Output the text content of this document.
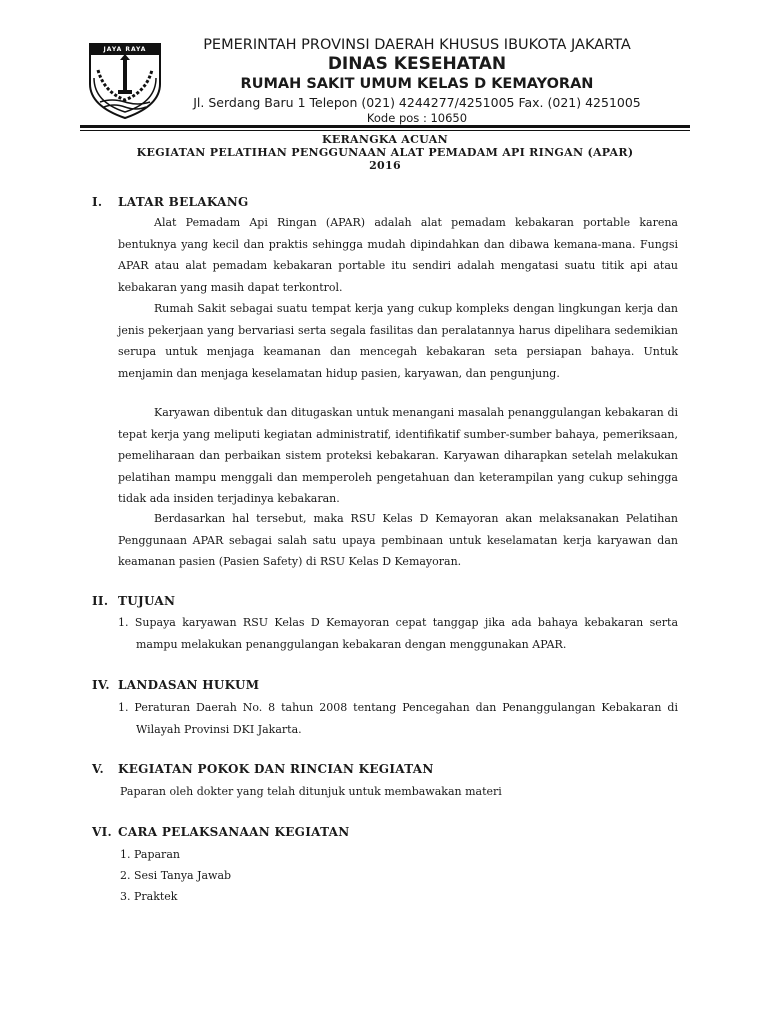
JAYA RAYA	PEMERINTAH PROVINSI DAERAH KHUSUS IBUKOTA JAKARTA
DINAS KESEHATAN
RUMAH SAKIT UMUM KELAS D KEMAYORAN
Jl. Serdang Baru 1 Telepon (021) 4244277/4251005 Fax. (021) 4251005
Kode pos : 10650
KERANGKA ACUAN
KEGIATAN PELATIHAN PENGGUNAAN ALAT PEMADAM API RINGAN (APAR)
2016
I. LATAR BELAKANG
Alat Pemadam Api Ringan (APAR) adalah alat pemadam kebakaran portable karena bentuknya yang kecil dan praktis sehingga mudah dipindahkan dan dibawa kemana-mana. Fungsi APAR atau alat pemadam kebakaran portable itu sendiri adalah mengatasi suatu titik api atau kebakaran yang masih dapat terkontrol.
Rumah Sakit sebagai suatu tempat kerja yang cukup kompleks dengan lingkungan kerja dan jenis pekerjaan yang bervariasi serta segala fasilitas dan peralatannya harus dipelihara sedemikian serupa untuk menjaga keamanan dan mencegah kebakaran seta persiapan bahaya. Untuk menjamin dan menjaga keselamatan hidup pasien, karyawan, dan pengunjung.
Karyawan dibentuk dan ditugaskan untuk menangani masalah penanggulangan kebakaran di tepat kerja yang meliputi kegiatan administratif, identifikatif sumber-sumber bahaya, pemeriksaan, pemeliharaan dan perbaikan sistem proteksi kebakaran. Karyawan diharapkan setelah melakukan pelatihan mampu menggali dan memperoleh pengetahuan dan keterampilan yang cukup sehingga tidak ada insiden terjadinya kebakaran.
Berdasarkan hal tersebut, maka RSU Kelas D Kemayoran akan melaksanakan Pelatihan Penggunaan APAR sebagai salah satu upaya pembinaan untuk keselamatan kerja karyawan dan keamanan pasien (Pasien Safety) di RSU Kelas D Kemayoran.
II. TUJUAN
1. Supaya karyawan RSU Kelas D Kemayoran cepat tanggap jika ada bahaya kebakaran serta mampu melakukan penanggulangan kebakaran dengan menggunakan APAR.
IV. LANDASAN HUKUM
1. Peraturan Daerah No. 8 tahun 2008 tentang Pencegahan dan Penanggulangan Kebakaran di Wilayah Provinsi DKI Jakarta.
V. KEGIATAN POKOK DAN RINCIAN KEGIATAN
Paparan oleh dokter yang telah ditunjuk untuk membawakan materi
VI. CARA PELAKSANAAN KEGIATAN
1. Paparan
2. Sesi Tanya Jawab
3. Praktek
